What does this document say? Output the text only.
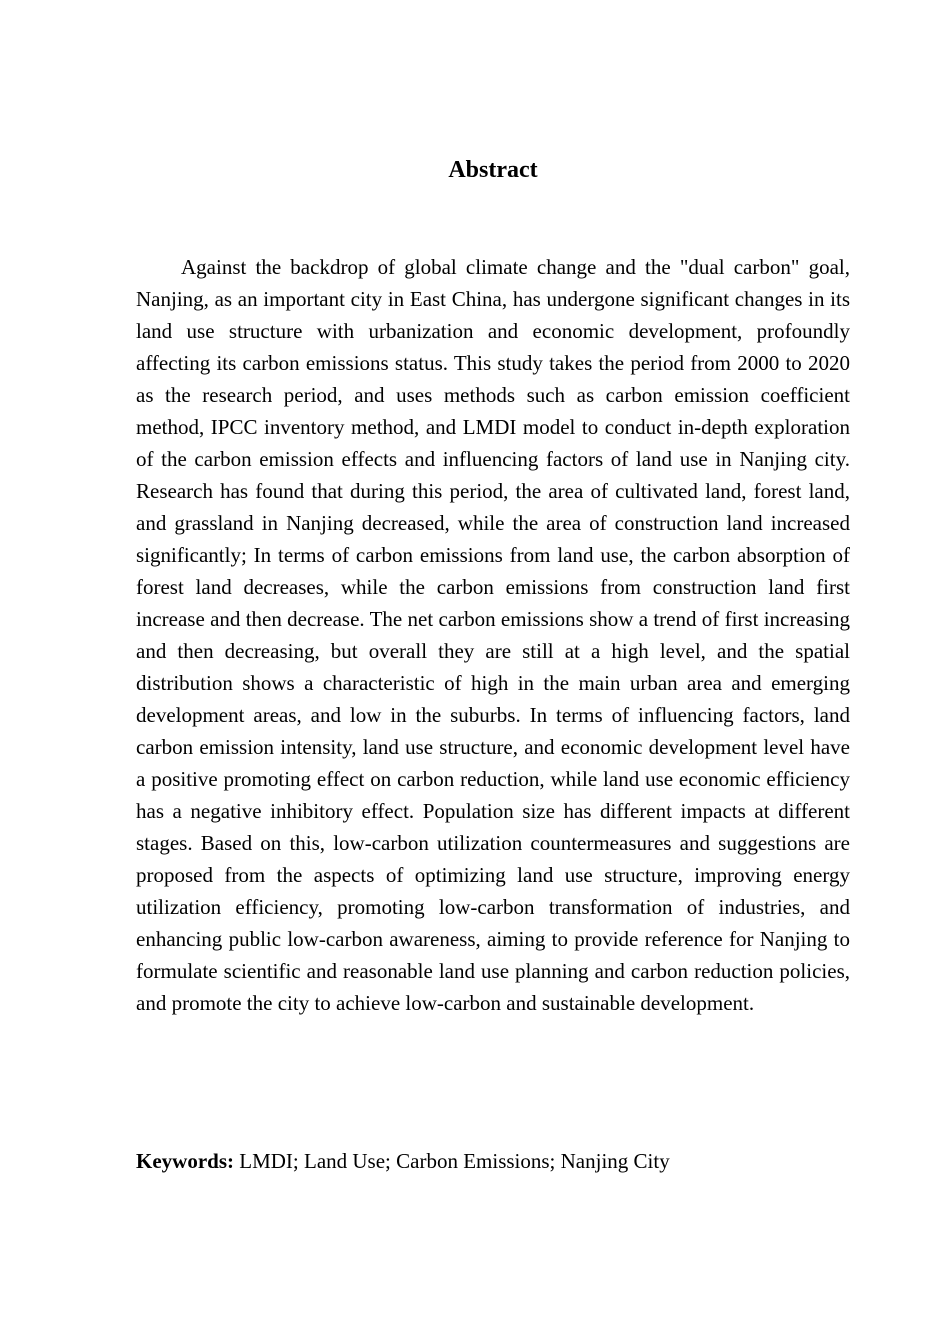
Abstract

Against the backdrop of global climate change and the "dual carbon" goal, Nanjing, as an important city in East China, has undergone significant changes in its land use structure with urbanization and economic development, profoundly affecting its carbon emissions status. This study takes the period from 2000 to 2020 as the research period, and uses methods such as carbon emission coefficient method, IPCC inventory method, and LMDI model to conduct in-depth exploration of the carbon emission effects and influencing factors of land use in Nanjing city. Research has found that during this period, the area of cultivated land, forest land, and grassland in Nanjing decreased, while the area of construction land increased significantly; In terms of carbon emissions from land use, the carbon absorption of forest land decreases, while the carbon emissions from construction land first increase and then decrease. The net carbon emissions show a trend of first increasing and then decreasing, but overall they are still at a high level, and the spatial distribution shows a characteristic of high in the main urban area and emerging development areas, and low in the suburbs. In terms of influencing factors, land carbon emission intensity, land use structure, and economic development level have a positive promoting effect on carbon reduction, while land use economic efficiency has a negative inhibitory effect. Population size has different impacts at different stages. Based on this, low-carbon utilization countermeasures and suggestions are proposed from the aspects of optimizing land use structure, improving energy utilization efficiency, promoting low-carbon transformation of industries, and enhancing public low-carbon awareness, aiming to provide reference for Nanjing to formulate scientific and reasonable land use planning and carbon reduction policies, and promote the city to achieve low-carbon and sustainable development.

Keywords: LMDI; Land Use; Carbon Emissions; Nanjing City
